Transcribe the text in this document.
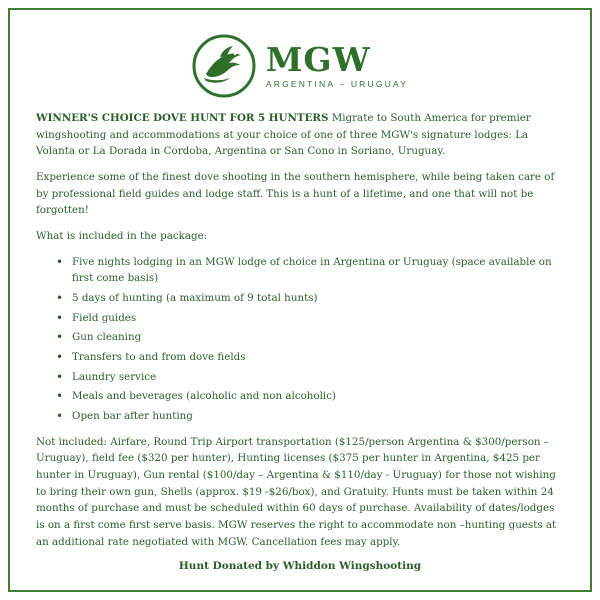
MGW
ARGENTINA – URUGUAY

WINNER'S CHOICE DOVE HUNT FOR 5 HUNTERS Migrate to South America for premier wingshooting and accommodations at your choice of one of three MGW's signature lodges: La Volanta or La Dorada in Cordoba, Argentina or San Cono in Soriano, Uruguay.

Experience some of the finest dove shooting in the southern hemisphere, while being taken care of by professional field guides and lodge staff. This is a hunt of a lifetime, and one that will not be forgotten!

What is included in the package:

• Five nights lodging in an MGW lodge of choice in Argentina or Uruguay (space available on first come basis)
• 5 days of hunting (a maximum of 9 total hunts)
• Field guides
• Gun cleaning
• Transfers to and from dove fields
• Laundry service
• Meals and beverages (alcoholic and non alcoholic)
• Open bar after hunting

Not included: Airfare, Round Trip Airport transportation ($125/person Argentina & $300/person – Uruguay), field fee ($320 per hunter), Hunting licenses ($375 per hunter in Argentina, $425 per hunter in Uruguay), Gun rental ($100/day – Argentina & $110/day - Uruguay) for those not wishing to bring their own gun, Shells (approx. $19 -$26/box), and Gratuity. Hunts must be taken within 24 months of purchase and must be scheduled within 60 days of purchase. Availability of dates/lodges is on a first come first serve basis. MGW reserves the right to accommodate non –hunting guests at an additional rate negotiated with MGW. Cancellation fees may apply.

Hunt Donated by Whiddon Wingshooting
